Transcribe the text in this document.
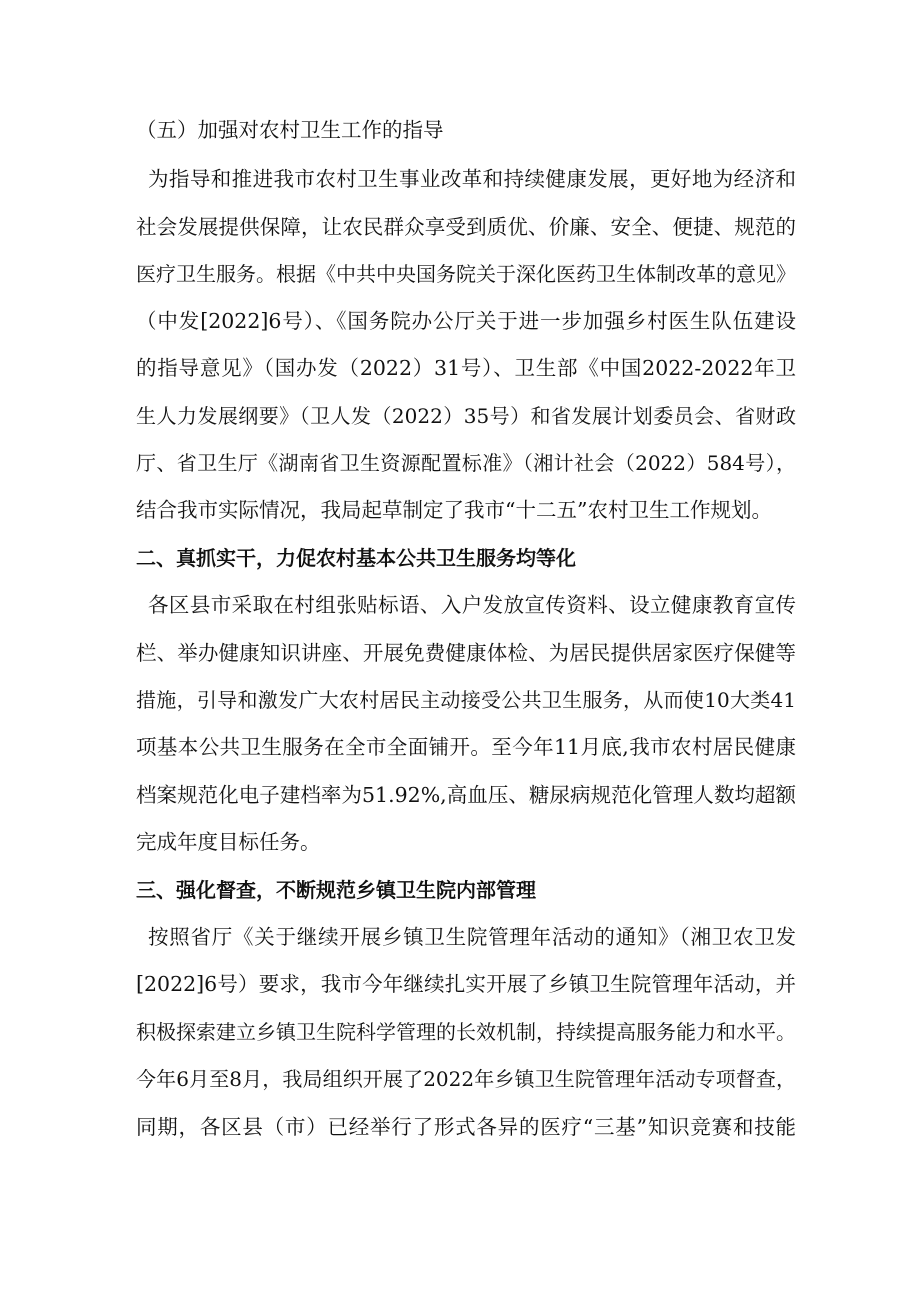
（五）加强对农村卫生工作的指导
为指导和推进我市农村卫生事业改革和持续健康发展，更好地为经济和
社会发展提供保障，让农民群众享受到质优、价廉、安全、便捷、规范的
医疗卫生服务。根据《中共中央国务院关于深化医药卫生体制改革的意见》
（中发[2022]6号）、《国务院办公厅关于进一步加强乡村医生队伍建设
的指导意见》（国办发（2022）31号）、卫生部《中国2022-2022年卫
生人力发展纲要》（卫人发（2022）35号）和省发展计划委员会、省财政
厅、省卫生厅《湖南省卫生资源配置标准》（湘计社会（2022）584号），
结合我市实际情况，我局起草制定了我市“十二五”农村卫生工作规划。
二、真抓实干，力促农村基本公共卫生服务均等化
各区县市采取在村组张贴标语、入户发放宣传资料、设立健康教育宣传
栏、举办健康知识讲座、开展免费健康体检、为居民提供居家医疗保健等
措施，引导和激发广大农村居民主动接受公共卫生服务，从而使10大类41
项基本公共卫生服务在全市全面铺开。至今年11月底,我市农村居民健康
档案规范化电子建档率为51.92%,高血压、糖尿病规范化管理人数均超额
完成年度目标任务。
三、强化督查，不断规范乡镇卫生院内部管理
按照省厅《关于继续开展乡镇卫生院管理年活动的通知》（湘卫农卫发
[2022]6号）要求，我市今年继续扎实开展了乡镇卫生院管理年活动，并
积极探索建立乡镇卫生院科学管理的长效机制，持续提高服务能力和水平。
今年6月至8月，我局组织开展了2022年乡镇卫生院管理年活动专项督查，
同期，各区县（市）已经举行了形式各异的医疗“三基”知识竞赛和技能
